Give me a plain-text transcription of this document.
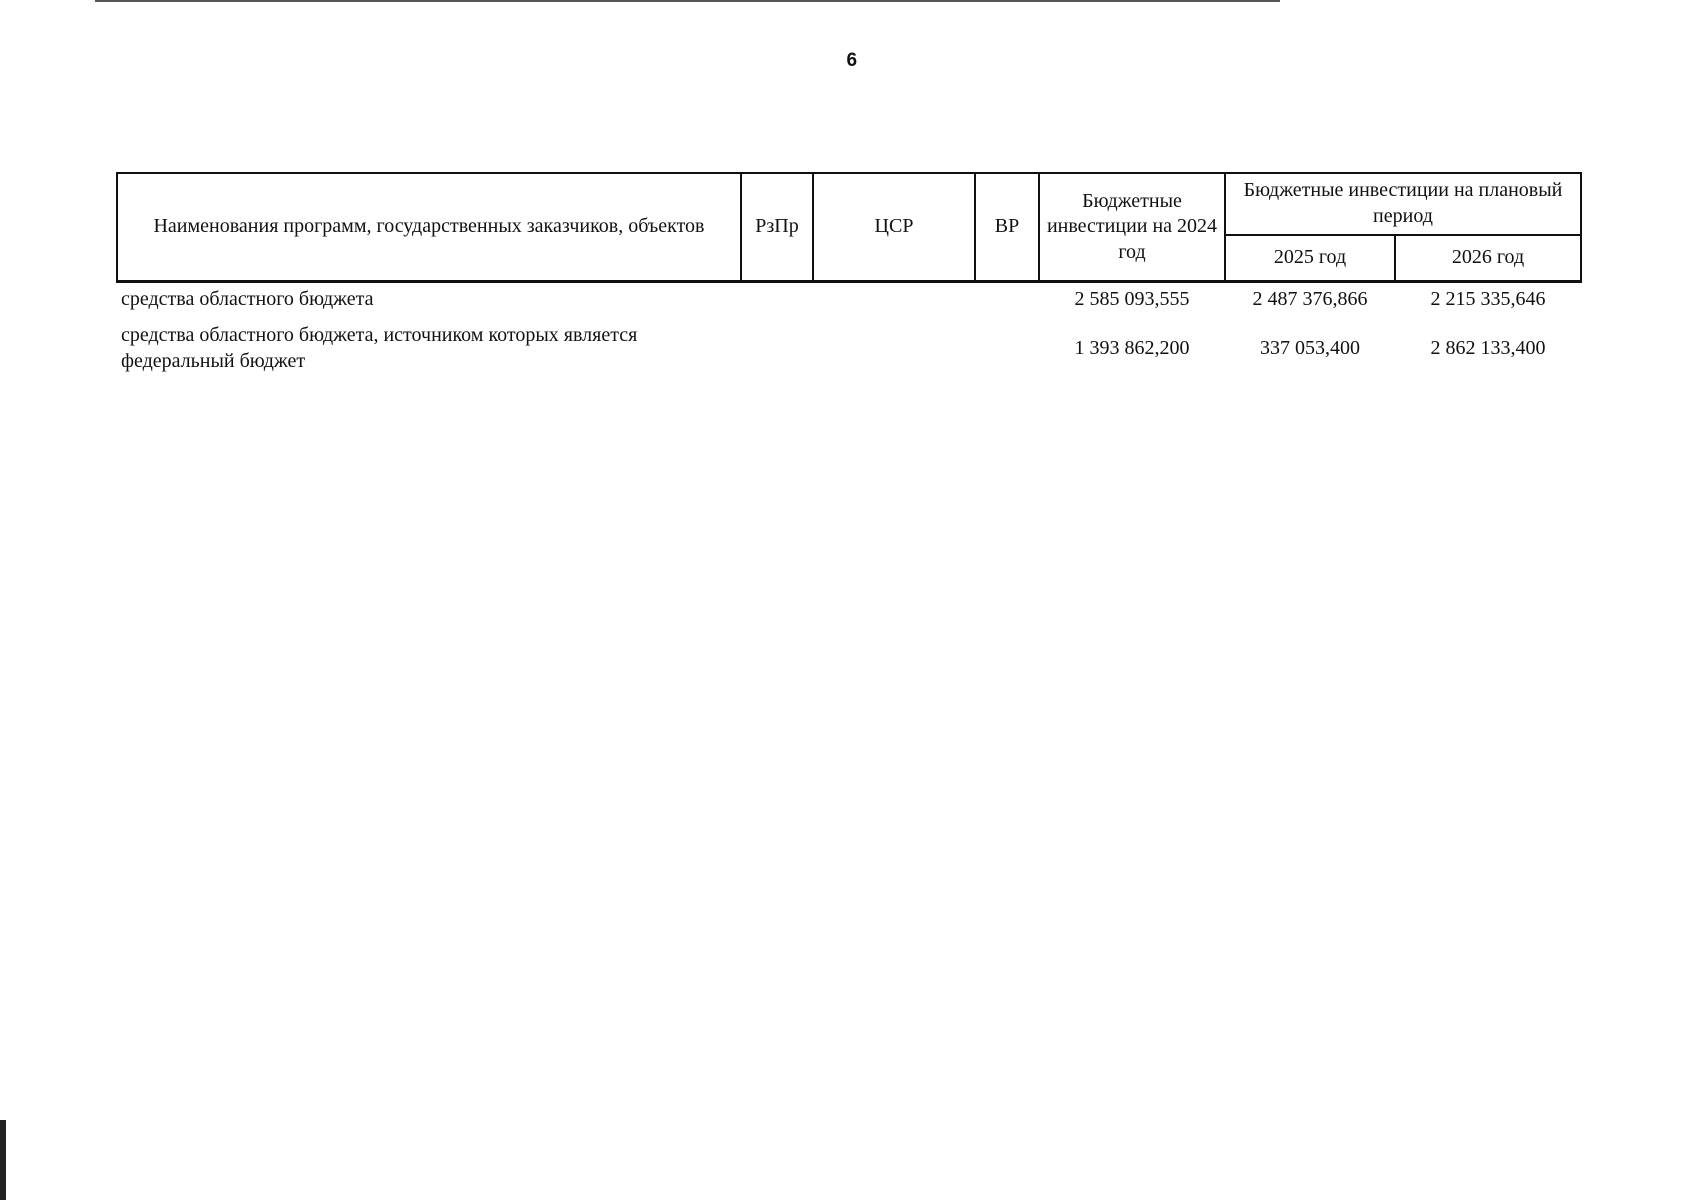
6
Наименования программ, государственных заказчиков, объектов	РзПр	ЦСР	ВР	Бюджетные инвестиции на 2024 год	Бюджетные инвестиции на плановый период	
					2025 год	2026 год
средства областного бюджета				2 585 093,555	2 487 376,866	2 215 335,646
средства областного бюджета, источником которых является федеральный бюджет				1 393 862,200	337 053,400	2 862 133,400
